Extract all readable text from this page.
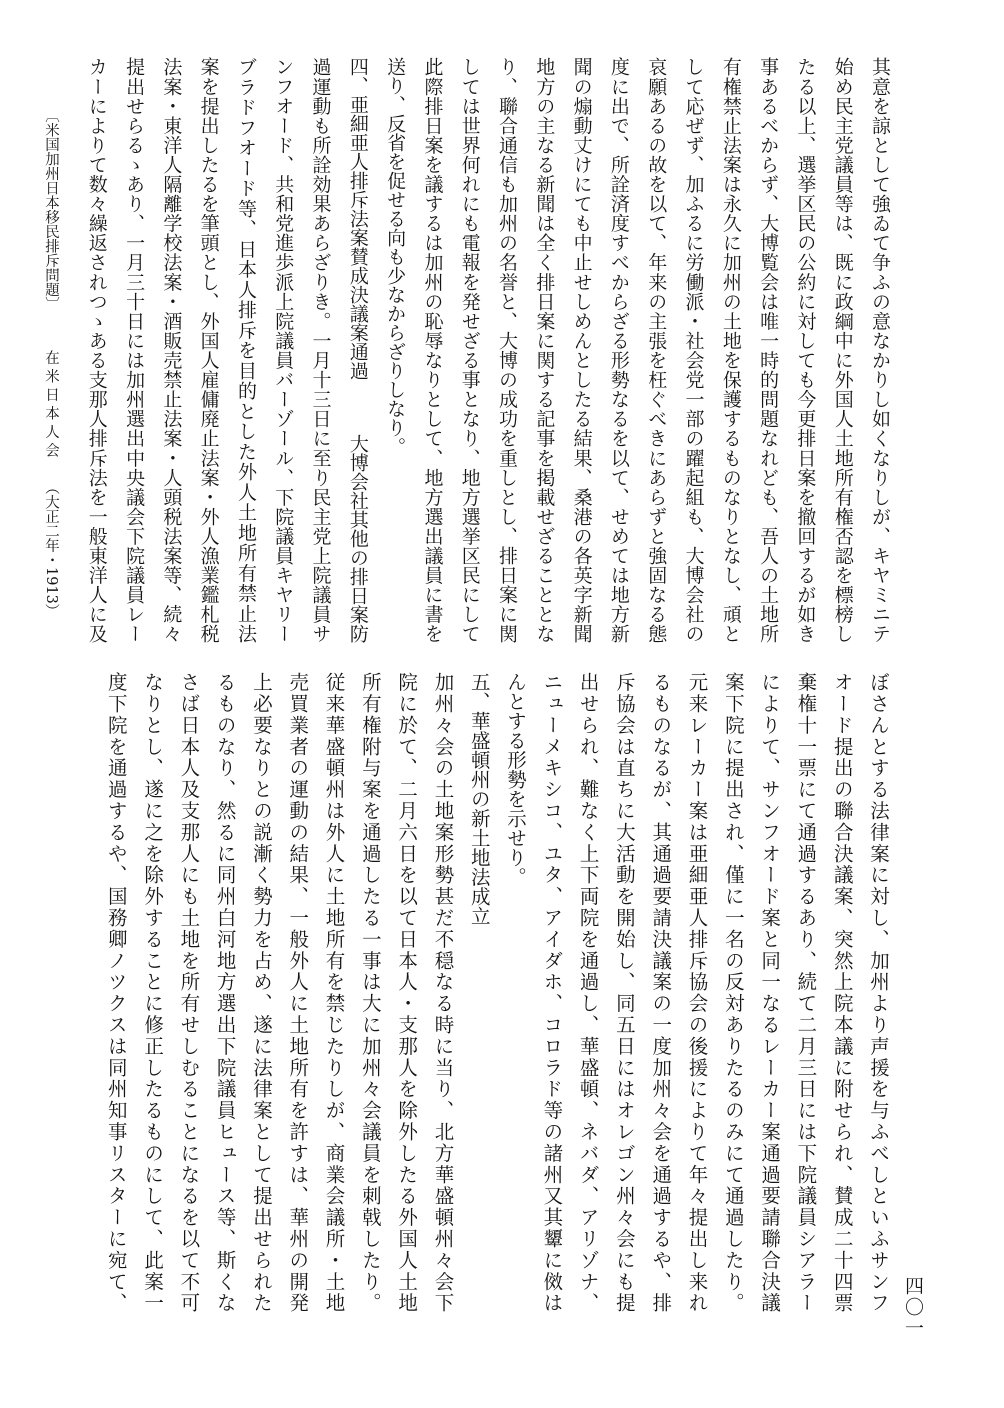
〔米国加州日本移民排斥問題〕
在米日本人会
（大正二年・1913）	其意を諒として強ゐて争ふの意なかりし如くなりしが、キヤミニテ
始め民主党議員等は、既に政綱中に外国人土地所有権否認を標榜し
たる以上、選挙区民の公約に対しても今更排日案を撤回するが如き
事あるべからず、大博覧会は唯一時的問題なれども、吾人の土地所
有権禁止法案は永久に加州の土地を保護するものなりとなし、頑と
して応ぜず、加ふるに労働派・社会党一部の躍起組も、大博会社の
哀願あるの故を以て、年来の主張を枉ぐべきにあらずと強固なる態
度に出で、所詮済度すべからざる形勢なるを以て、せめては地方新
聞の煽動丈けにても中止せしめんとしたる結果、桑港の各英字新聞
地方の主なる新聞は全く排日案に関する記事を掲載せざることとな
り、聯合通信も加州の名誉と、大博の成功を重しとし、排日案に関
しては世界何れにも電報を発せざる事となり、地方選挙区民にして
此際排日案を議するは加州の恥辱なりとして、地方選出議員に書を
送り、反省を促せる向も少なからざりしなり。
四、亜細亜人排斥法案賛成決議案通過
大博会社其他の排日案防
過運動も所詮効果あらざりき。一月十三日に至り民主党上院議員サ
ンフオード、共和党進歩派上院議員バーゾール、下院議員キヤリー
ブラドフオード等、日本人排斥を目的とした外人土地所有禁止法
案を提出したるを筆頭とし、外国人雇傭廃止法案・外人漁業鑑札税
法案・東洋人隔離学校法案・酒販売禁止法案・人頭税法案等、続々
提出せらるゝあり、一月三十日には加州選出中央議会下院議員レー
カーによりて数々繰返されつゝある支那人排斥法を一般東洋人に及
ぼさんとする法律案に対し、加州より声援を与ふべしといふサンフ
オード提出の聯合決議案、突然上院本議に附せられ、賛成二十四票
棄権十一票にて通過するあり、続て二月三日には下院議員シアラー
によりて、サンフオード案と同一なるレーカー案通過要請聯合決議
案下院に提出され、僅に一名の反対ありたるのみにて通過したり。
元来レーカー案は亜細亜人排斥協会の後援によりて年々提出し来れ
るものなるが、其通過要請決議案の一度加州々会を通過するや、排
斥協会は直ちに大活動を開始し、同五日にはオレゴン州々会にも提
出せられ、難なく上下両院を通過し、華盛頓、ネバダ、アリゾナ、
ニューメキシコ、ユタ、アイダホ、コロラド等の諸州又其顰に傚は
んとする形勢を示せり。
五、華盛頓州の新土地法成立
加州々会の土地案形勢甚だ不穏なる時に当り、北方華盛頓州々会下
院に於て、二月六日を以て日本人・支那人を除外したる外国人土地
所有権附与案を通過したる一事は大に加州々会議員を刺戟したり。
従来華盛頓州は外人に土地所有を禁じたりしが、商業会議所・土地
売買業者の運動の結果、一般外人に土地所有を許すは、華州の開発
上必要なりとの説漸く勢力を占め、遂に法律案として提出せられた
るものなり、然るに同州白河地方選出下院議員ヒュース等、斯くな
さば日本人及支那人にも土地を所有せしむることになるを以て不可
なりとし、遂に之を除外することに修正したるものにして、此案一
度下院を通過するや、国務卿ノツクスは同州知事リスターに宛て、	四〇一
